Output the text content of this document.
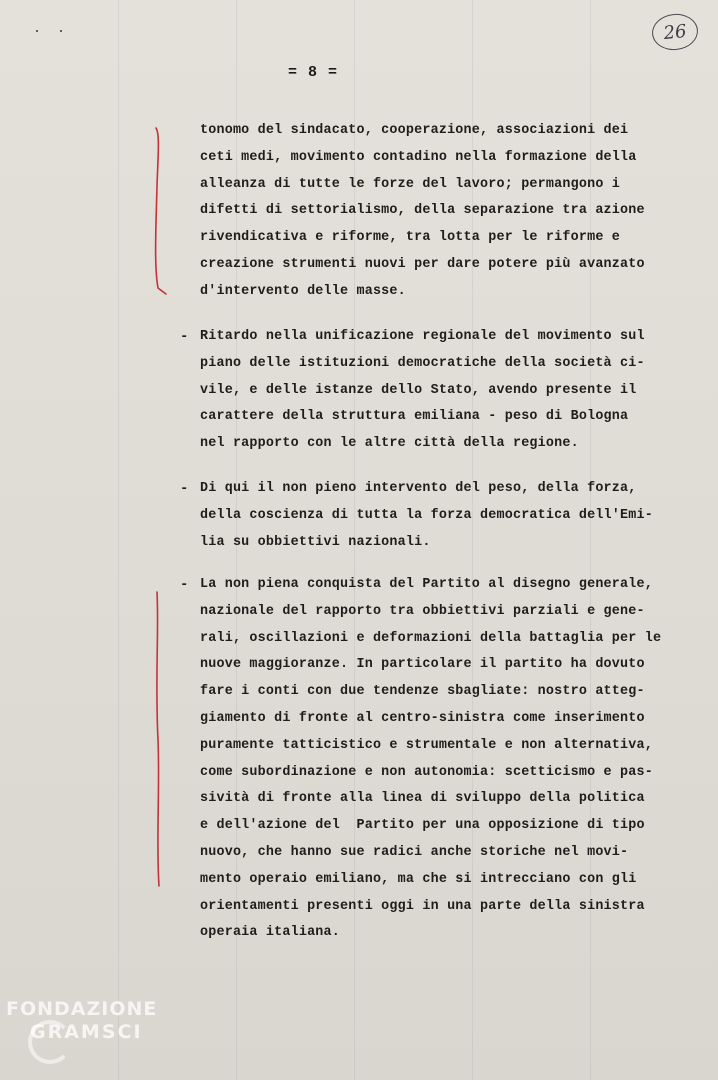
= 8 =
26
tonomo del sindacato, cooperazione, associazioni dei
ceti medi, movimento contadino nella formazione della
alleanza di tutte le forze del lavoro; permangono i
difetti di settorialismo, della separazione tra azione
rivendicativa e riforme, tra lotta per le riforme e
creazione strumenti nuovi per dare potere più avanzato
d'intervento delle masse.
- Ritardo nella unificazione regionale del movimento sul
piano delle istituzioni democratiche della società ci-
vile, e delle istanze dello Stato, avendo presente il
carattere della struttura emiliana - peso di Bologna
nel rapporto con le altre città della regione.
- Di qui il non pieno intervento del peso, della forza,
della coscienza di tutta la forza democratica dell'Emi-
lia su obbiettivi nazionali.
- La non piena conquista del Partito al disegno generale,
nazionale del rapporto tra obbiettivi parziali e gene-
rali, oscillazioni e deformazioni della battaglia per le
nuove maggioranze. In particolare il partito ha dovuto
fare i conti con due tendenze sbagliate: nostro atteg-
giamento di fronte al centro-sinistra come inserimento
puramente tatticistico e strumentale e non alternativa,
come subordinazione e non autonomia: scetticismo e pas-
sività di fronte alla linea di sviluppo della politica
e dell'azione del  Partito per una opposizione di tipo
nuovo, che hanno sue radici anche storiche nel movi-
mento operaio emiliano, ma che si intrecciano con gli
orientamenti presenti oggi in una parte della sinistra
operaia italiana.
FONDAZIONE
GRAMSCI
